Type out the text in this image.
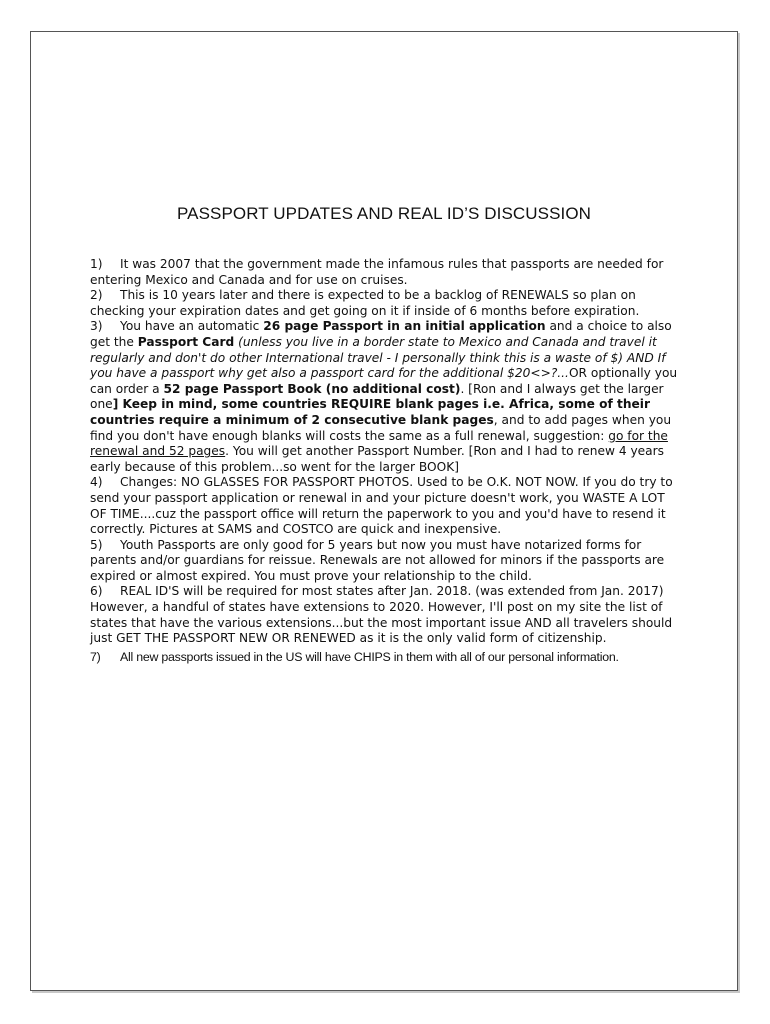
PASSPORT UPDATES AND REAL ID’S DISCUSSION

1) It was 2007 that the government made the infamous rules that passports are needed for entering Mexico and Canada and for use on cruises.

2) This is 10 years later and there is expected to be a backlog of RENEWALS so plan on checking your expiration dates and get going on it if inside of 6 months before expiration.

3) You have an automatic 26 page Passport in an initial application and a choice to also get the Passport Card (unless you live in a border state to Mexico and Canada and travel it regularly and don't do other International travel - I personally think this is a waste of $) AND If you have a passport why get also a passport card for the additional $20<>?...OR optionally you can order a 52 page Passport Book (no additional cost). [Ron and I always get the larger one] Keep in mind, some countries REQUIRE blank pages i.e. Africa, some of their countries require a minimum of 2 consecutive blank pages, and to add pages when you find you don't have enough blanks will costs the same as a full renewal, suggestion: go for the renewal and 52 pages. You will get another Passport Number. [Ron and I had to renew 4 years early because of this problem...so went for the larger BOOK]

4) Changes: NO GLASSES FOR PASSPORT PHOTOS. Used to be O.K. NOT NOW. If you do try to send your passport application or renewal in and your picture doesn't work, you WASTE A LOT OF TIME....cuz the passport office will return the paperwork to you and you'd have to resend it correctly. Pictures at SAMS and COSTCO are quick and inexpensive.

5) Youth Passports are only good for 5 years but now you must have notarized forms for parents and/or guardians for reissue. Renewals are not allowed for minors if the passports are expired or almost expired. You must prove your relationship to the child.

6) REAL ID'S will be required for most states after Jan. 2018. (was extended from Jan. 2017) However, a handful of states have extensions to 2020. However, I'll post on my site the list of states that have the various extensions...but the most important issue AND all travelers should just GET THE PASSPORT NEW OR RENEWED as it is the only valid form of citizenship.

7) All new passports issued in the US will have CHIPS in them with all of our personal information.
